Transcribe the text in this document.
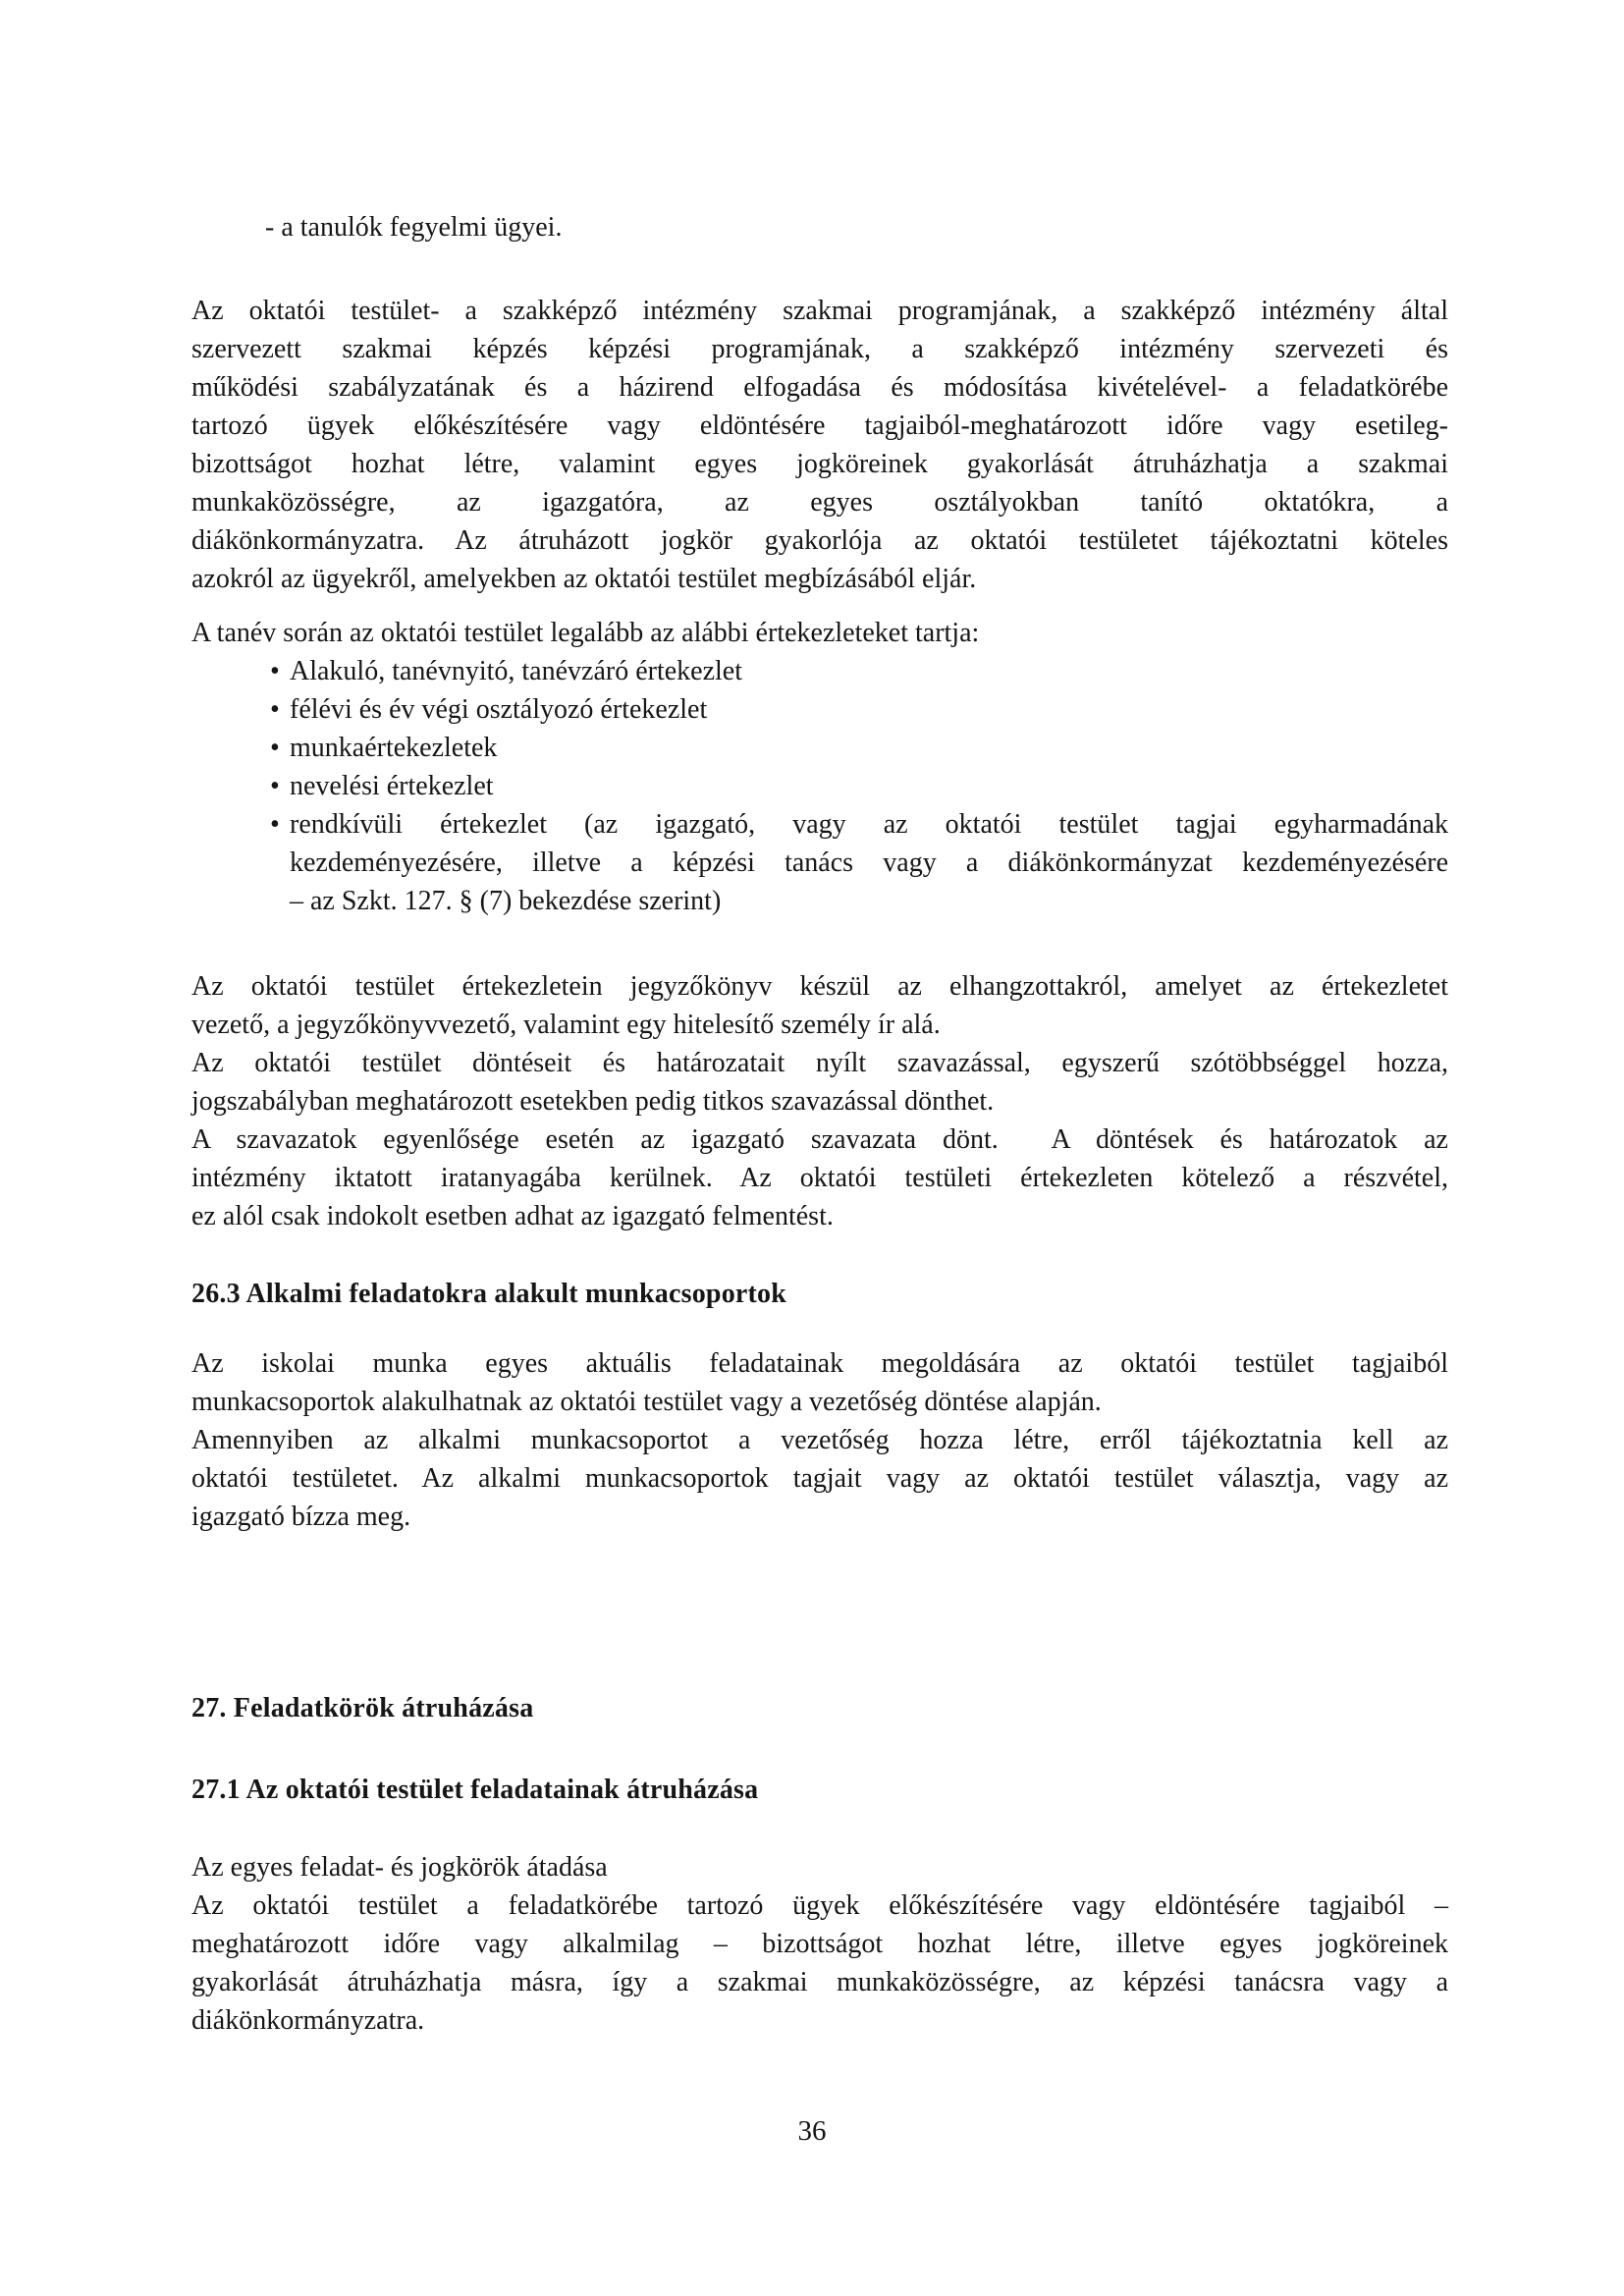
- a tanulók fegyelmi ügyei.
Az oktatói testület- a szakképző intézmény szakmai programjának, a szakképző intézmény által
szervezett szakmai képzés képzési programjának, a szakképző intézmény szervezeti és
működési szabályzatának és a házirend elfogadása és módosítása kivételével- a feladatkörébe
tartozó ügyek előkészítésére vagy eldöntésére tagjaiból-meghatározott időre vagy esetileg-
bizottságot hozhat létre, valamint egyes jogköreinek gyakorlását átruházhatja a szakmai
munkaközösségre, az igazgatóra, az egyes osztályokban tanító oktatókra, a
diákönkormányzatra. Az átruházott jogkör gyakorlója az oktatói testületet tájékoztatni köteles
azokról az ügyekről, amelyekben az oktatói testület megbízásából eljár.
A tanév során az oktatói testület legalább az alábbi értekezleteket tartja:
• Alakuló, tanévnyitó, tanévzáró értekezlet
• félévi és év végi osztályozó értekezlet
• munkaértekezletek
• nevelési értekezlet
• rendkívüli értekezlet (az igazgató, vagy az oktatói testület tagjai egyharmadának
kezdeményezésére, illetve a képzési tanács vagy a diákönkormányzat kezdeményezésére
– az Szkt. 127. § (7) bekezdése szerint)
Az oktatói testület értekezletein jegyzőkönyv készül az elhangzottakról, amelyet az értekezletet
vezető, a jegyzőkönyvvezető, valamint egy hitelesítő személy ír alá.
Az oktatói testület döntéseit és határozatait nyílt szavazással, egyszerű szótöbbséggel hozza,
jogszabályban meghatározott esetekben pedig titkos szavazással dönthet.
A szavazatok egyenlősége esetén az igazgató szavazata dönt.  A döntések és határozatok az
intézmény iktatott iratanyagába kerülnek. Az oktatói testületi értekezleten kötelező a részvétel,
ez alól csak indokolt esetben adhat az igazgató felmentést.
26.3 Alkalmi feladatokra alakult munkacsoportok
Az iskolai munka egyes aktuális feladatainak megoldására az oktatói testület tagjaiból
munkacsoportok alakulhatnak az oktatói testület vagy a vezetőség döntése alapján.
Amennyiben az alkalmi munkacsoportot a vezetőség hozza létre, erről tájékoztatnia kell az
oktatói testületet. Az alkalmi munkacsoportok tagjait vagy az oktatói testület választja, vagy az
igazgató bízza meg.
27. Feladatkörök átruházása
27.1 Az oktatói testület feladatainak átruházása
Az egyes feladat- és jogkörök átadása
Az oktatói testület a feladatkörébe tartozó ügyek előkészítésére vagy eldöntésére tagjaiból –
meghatározott időre vagy alkalmilag – bizottságot hozhat létre, illetve egyes jogköreinek
gyakorlását átruházhatja másra, így a szakmai munkaközösségre, az képzési tanácsra vagy a
diákönkormányzatra.
36
